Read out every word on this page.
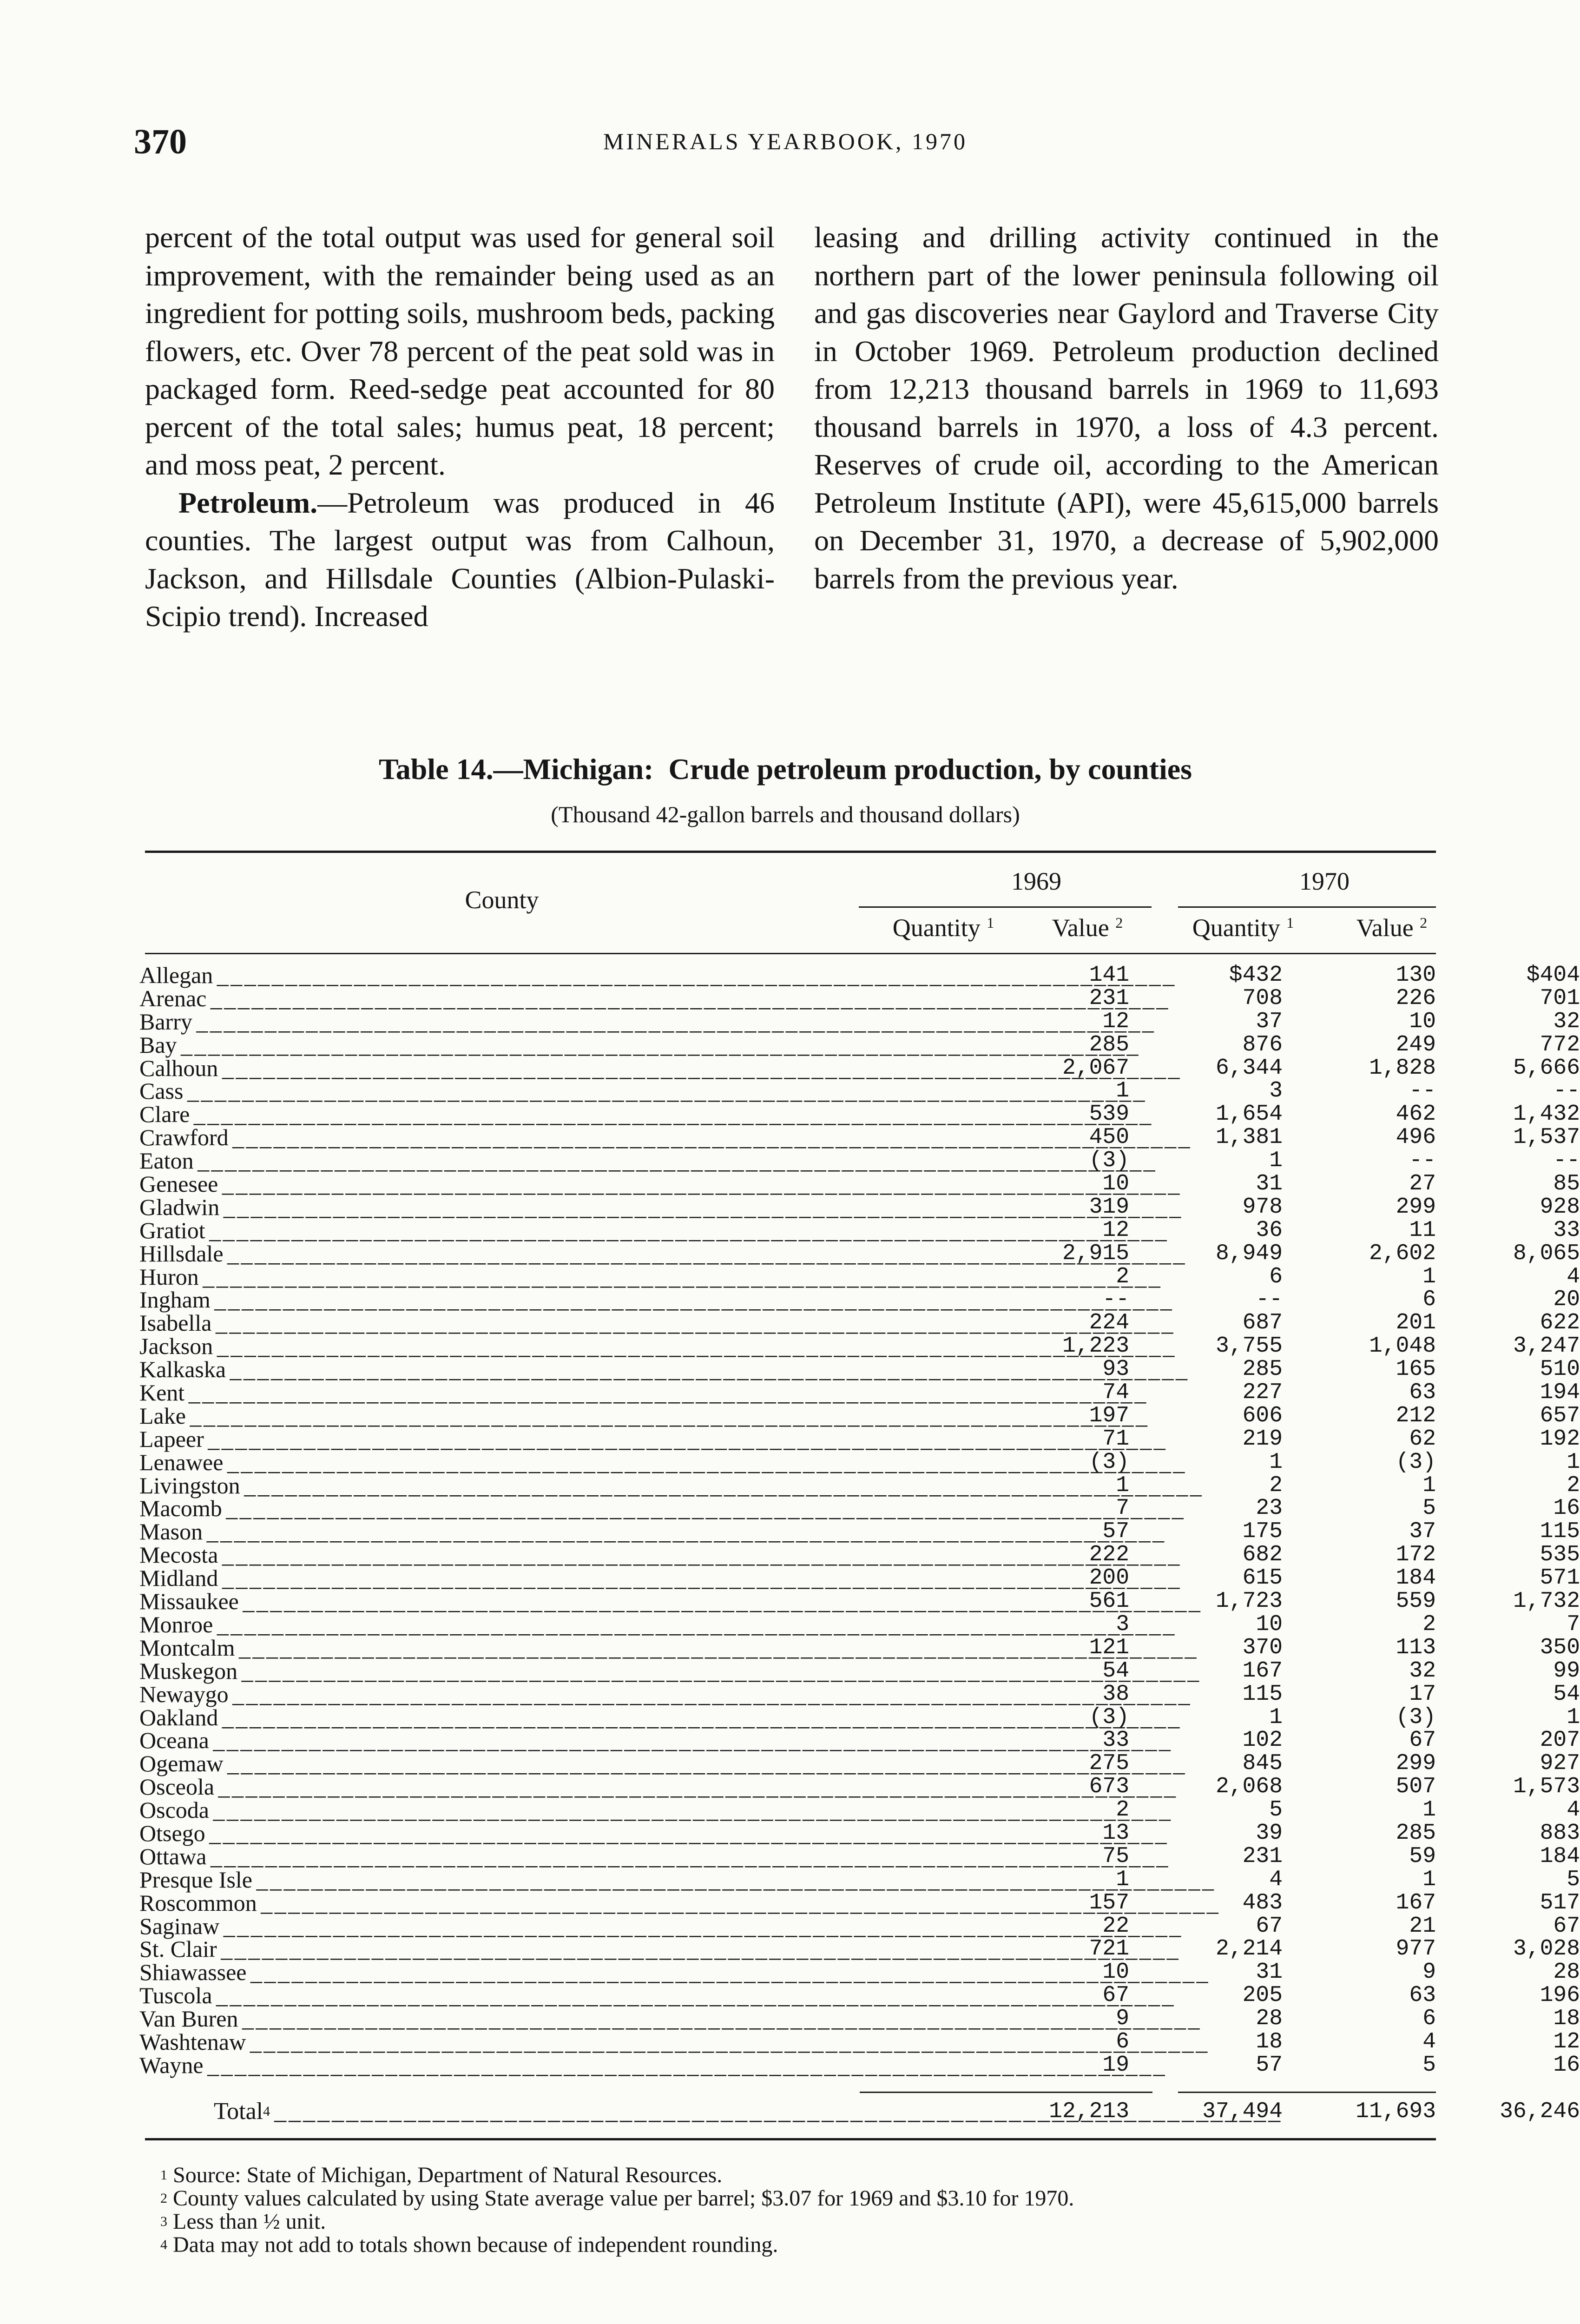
370	MINERALS YEARBOOK, 1970

percent of the total output was used for general soil improvement, with the remainder being used as an ingredient for potting soils, mushroom beds, packing flowers, etc. Over 78 percent of the peat sold was in packaged form. Reed-sedge peat accounted for 80 percent of the total sales; humus peat, 18 percent; and moss peat, 2 percent.

Petroleum.—Petroleum was produced in 46 counties. The largest output was from Calhoun, Jackson, and Hillsdale Counties (Albion-Pulaski-Scipio trend). Increased

leasing and drilling activity continued in the northern part of the lower peninsula following oil and gas discoveries near Gaylord and Traverse City in October 1969. Petroleum production declined from 12,213 thousand barrels in 1969 to 11,693 thousand barrels in 1970, a loss of 4.3 percent. Reserves of crude oil, according to the American Petroleum Institute (API), were 45,615,000 barrels on December 31, 1970, a decrease of 5,902,000 barrels from the previous year.

Table 14.—Michigan: Crude petroleum production, by counties
(Thousand 42-gallon barrels and thousand dollars)
County
1969	1970
Quantity $^1$	Value $^2$	Quantity $^1$	Value $^2$
Allegan _ _ _	141	$432	130	$404
Arenac _ _ _	231	708	226	701
Barry _ _ _	12	37	10	32
Bay _ _ _	285	876	249	772
Calhoun _ _ _	2,067	6,344	1,828	5,666
Cass _ _ _	1	3	--	--
Clare _ _ _	539	1,654	462	1,432
Crawford _ _ _	450	1,381	496	1,537
Eaton _ _ _	(3)	1	--	--
Genesee _ _ _	10	31	27	85
Gladwin _ _ _	319	978	299	928
Gratiot _ _ _	12	36	11	33
Hillsdale _ _ _	2,915	8,949	2,602	8,065
Huron _ _ _	2	6	1	4
Ingham _ _ _	--	--	6	20
Isabella _ _ _	224	687	201	622
Jackson _ _ _	1,223	3,755	1,048	3,247
Kalkaska _ _ _	93	285	165	510
Kent _ _ _	74	227	63	194
Lake _ _ _	197	606	212	657
Lapeer _ _ _	71	219	62	192
Lenawee _ _ _	(3)	1	(3)	1
Livingston _ _ _	1	2	1	2
Macomb _ _ _	7	23	5	16
Mason _ _ _	57	175	37	115
Mecosta _ _ _	222	682	172	535
Midland _ _ _	200	615	184	571
Missaukee _ _ _	561	1,723	559	1,732
Monroe _ _ _	3	10	2	7
Montcalm _ _ _	121	370	113	350
Muskegon _ _ _	54	167	32	99
Newaygo _ _ _	38	115	17	54
Oakland _ _ _	(3)	1	(3)	1
Oceana _ _ _	33	102	67	207
Ogemaw _ _ _	275	845	299	927
Osceola _ _ _	673	2,068	507	1,573
Oscoda _ _ _	2	5	1	4
Otsego _ _ _	13	39	285	883
Ottawa _ _ _	75	231	59	184
Presque Isle _ _ _	1	4	1	5
Roscommon _ _ _	157	483	167	517
Saginaw _ _ _	22	67	21	67
St. Clair _ _ _	721	2,214	977	3,028
Shiawassee _ _ _	10	31	9	28
Tuscola _ _ _	67	205	63	196
Van Buren _ _ _	9	28	6	18
Washtenaw _ _ _	6	18	4	12
Wayne _ _ _	19	57	5	16
Total$^4$ _ _ _	12,213	37,494	11,693	36,246
$^1$ Source: State of Michigan, Department of Natural Resources.
$^2$ County values calculated by using State average value per barrel; $3.07 for 1969 and $3.10 for 1970.
$^3$ Less than ½ unit.
$^4$ Data may not add to totals shown because of independent rounding.
